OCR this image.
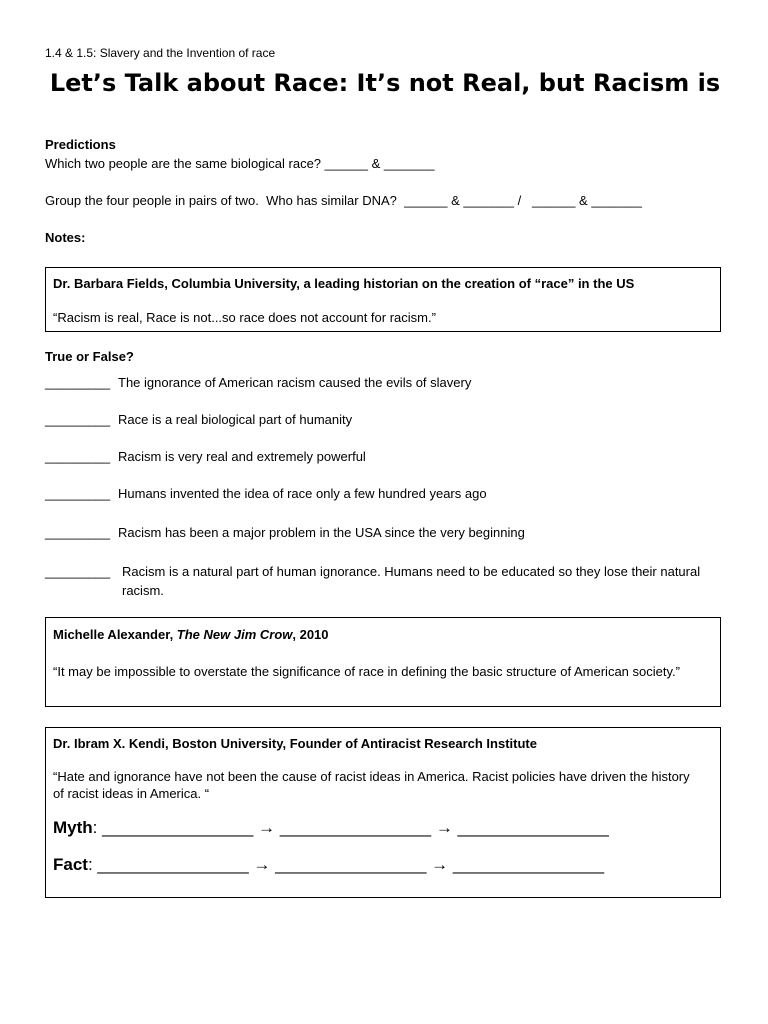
1.4 & 1.5: Slavery and the Invention of race
Let’s Talk about Race: It’s not Real, but Racism is
Predictions
Which two people are the same biological race? ______ & _______
Group the four people in pairs of two.  Who has similar DNA?  ______ & _______ /   ______ & _______
Notes:
Dr. Barbara Fields, Columbia University, a leading historian on the creation of “race” in the US
“Racism is real, Race is not...so race does not account for racism.”
True or False?
_________ The ignorance of American racism caused the evils of slavery
_________ Race is a real biological part of humanity
_________ Racism is very real and extremely powerful
_________ Humans invented the idea of race only a few hundred years ago
_________ Racism has been a major problem in the USA since the very beginning
_________ Racism is a natural part of human ignorance. Humans need to be educated so they lose their natural racism.
Michelle Alexander, The New Jim Crow, 2010
“It may be impossible to overstate the significance of race in defining the basic structure of American society.”
Dr. Ibram X. Kendi, Boston University, Founder of Antiracist Research Institute
“Hate and ignorance have not been the cause of racist ideas in America. Racist policies have driven the history of racist ideas in America. “
Myth: ________________ → ________________ → ________________
Fact: ________________ → ________________ → ________________
